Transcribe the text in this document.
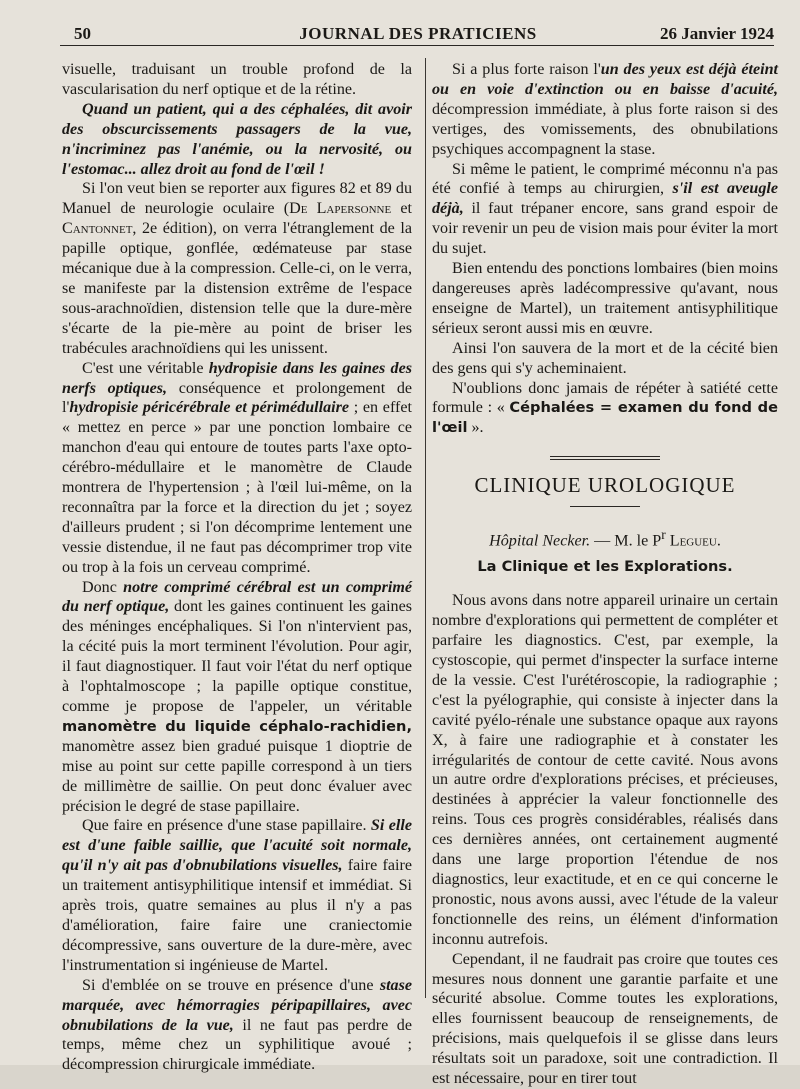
50	JOURNAL DES PRATICIENS	26 Janvier 1924

visuelle, traduisant un trouble profond de la vascularisation du nerf optique et de la rétine.

Quand un patient, qui a des céphalées, dit avoir des obscurcissements passagers de la vue, n'incriminez pas l'anémie, ou la nervosité, ou l'estomac... allez droit au fond de l'œil !

Si l'on veut bien se reporter aux figures 82 et 89 du Manuel de neurologie oculaire (De Lapersonne et Cantonnet, 2e édition), on verra l'étranglement de la papille optique, gonflée, œdémateuse par stase mécanique due à la compression. Celle-ci, on le verra, se manifeste par la distension extrême de l'espace sous-arachnoïdien, distension telle que la dure-mère s'écarte de la pie-mère au point de briser les trabécules arachnoïdiens qui les unissent.

C'est une véritable hydropisie dans les gaines des nerfs optiques, conséquence et prolongement de l'hydropisie péricérébrale et périmédullaire ; en effet « mettez en perce » par une ponction lombaire ce manchon d'eau qui entoure de toutes parts l'axe opto-cérébro-médullaire et le manomètre de Claude montrera de l'hypertension ; à l'œil lui-même, on la reconnaîtra par la force et la direction du jet ; soyez d'ailleurs prudent ; si l'on décomprime lentement une vessie distendue, il ne faut pas décomprimer trop vite ou trop à la fois un cerveau comprimé.

Donc notre comprimé cérébral est un comprimé du nerf optique, dont les gaines continuent les gaines des méninges encéphaliques. Si l'on n'intervient pas, la cécité puis la mort terminent l'évolution. Pour agir, il faut diagnostiquer. Il faut voir l'état du nerf optique à l'ophtalmoscope ; la papille optique constitue, comme je propose de l'appeler, un véritable manomètre du liquide céphalo-rachidien, manomètre assez bien gradué puisque 1 dioptrie de mise au point sur cette papille correspond à un tiers de millimètre de saillie. On peut donc évaluer avec précision le degré de stase papillaire.

Que faire en présence d'une stase papillaire. Si elle est d'une faible saillie, que l'acuité soit normale, qu'il n'y ait pas d'obnubilations visuelles, faire faire un traitement antisyphilitique intensif et immédiat. Si après trois, quatre semaines au plus il n'y a pas d'amélioration, faire faire une craniectomie décompressive, sans ouverture de la dure-mère, avec l'instrumentation si ingénieuse de Martel.

Si d'emblée on se trouve en présence d'une stase marquée, avec hémorragies péripapillaires, avec obnubilations de la vue, il ne faut pas perdre de temps, même chez un syphilitique avoué ; décompression chirurgicale immédiate.

Si a plus forte raison l'un des yeux est déjà éteint ou en voie d'extinction ou en baisse d'acuité, décompression immédiate, à plus forte raison si des vertiges, des vomissements, des obnubilations psychiques accompagnent la stase.

Si même le patient, le comprimé méconnu n'a pas été confié à temps au chirurgien, s'il est aveugle déjà, il faut trépaner encore, sans grand espoir de voir revenir un peu de vision mais pour éviter la mort du sujet.

Bien entendu des ponctions lombaires (bien moins dangereuses après ladécompressive qu'avant, nous enseigne de Martel), un traitement antisyphilitique sérieux seront aussi mis en œuvre.

Ainsi l'on sauvera de la mort et de la cécité bien des gens qui s'y acheminaient.

N'oublions donc jamais de répéter à satiété cette formule : « Céphalées = examen du fond de l'œil ».

CLINIQUE UROLOGIQUE
Hôpital Necker. — M. le $P^r$ Legueu.
La Clinique et les Explorations.

Nous avons dans notre appareil urinaire un certain nombre d'explorations qui permettent de compléter et parfaire les diagnostics. C'est, par exemple, la cystoscopie, qui permet d'inspecter la surface interne de la vessie. C'est l'urétéroscopie, la radiographie ; c'est la pyélographie, qui consiste à injecter dans la cavité pyélo-rénale une substance opaque aux rayons X, à faire une radiographie et à constater les irrégularités de contour de cette cavité. Nous avons un autre ordre d'explorations précises, et précieuses, destinées à apprécier la valeur fonctionnelle des reins. Tous ces progrès considérables, réalisés dans ces dernières années, ont certainement augmenté dans une large proportion l'étendue de nos diagnostics, leur exactitude, et en ce qui concerne le pronostic, nous avons aussi, avec l'étude de la valeur fonctionnelle des reins, un élément d'information inconnu autrefois.

Cependant, il ne faudrait pas croire que toutes ces mesures nous donnent une garantie parfaite et une sécurité absolue. Comme toutes les explorations, elles fournissent beaucoup de renseignements, de précisions, mais quelquefois il se glisse dans leurs résultats soit un paradoxe, soit une contradiction. Il est nécessaire, pour en tirer tout
